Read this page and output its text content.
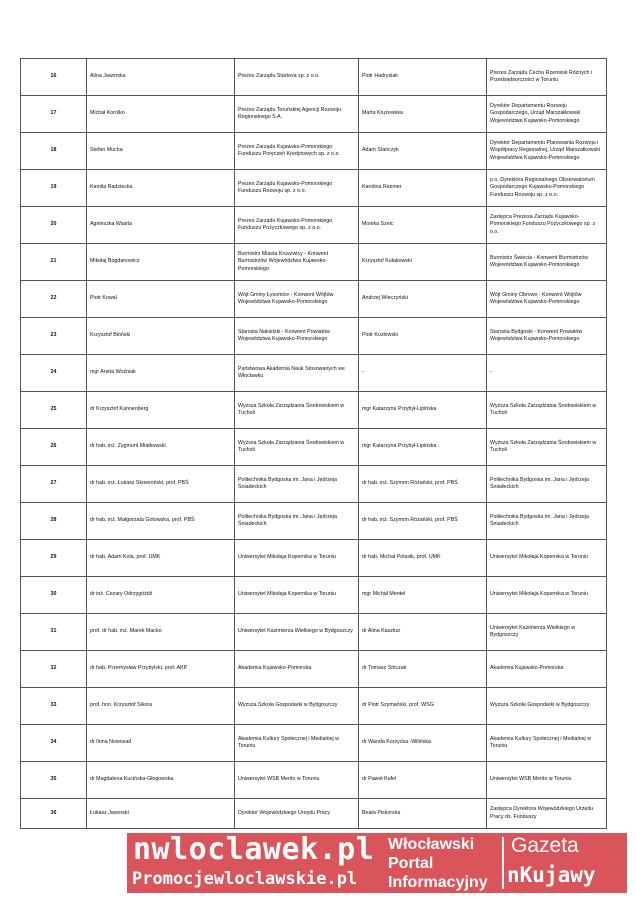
16	Alina Jaworska	Prezes Zarządu Startova sp. z o.o.	Piotr Hadrysiak	Prezes Zarządu Cechu Rzemiosł Różnych i Przedsiębiorczości w Toruniu
17	Michał Korolko	Prezes Zarządu Toruńskiej Agencji Rozwoju Regionalnego S.A.	Marta Krużewska	Dyrektor Departamentu Rozwoju Gospodarczego, Urząd Marszałkowski Województwa Kujawsko-Pomorskiego
18	Stefan Mucha	Prezes Zarządu Kujawsko-Pomorskiego Funduszu Poręczeń Kredytowych sp. z o.o.	Adam Stańczyk	Dyrektor Departamentu Planowania Rozwoju i Współpracy Regionalnej, Urząd Marszałkowski Województwa Kujawsko-Pomorskiego
19	Kamila Radziecka	Prezes Zarządu Kujawsko-Pomorskiego Funduszu Rozwoju sp. z o.o.	Karolina Rezmer	p.o. Dyrektora Regionalnego Obserwatorium Gospodarczego Kujawsko-Pomorskiego Funduszu Rozwoju sp. z o.o.
20	Agnieszka Wasita	Prezes Zarządu Kujawsko-Pomorskiego Funduszu Pożyczkowego sp. z o.o.	Monika Szelc	Zastępca Prezesa Zarządu Kujawsko-Pomorskiego Funduszu Pożyczkowego sp. z o.o.
21	Mikołaj Bogdanowicz	Burmistrz Miasta Kruszwicy - Konwent Burmistrzów Województwa Kujawsko-Pomorskiego	Krzysztof Kułakowski	Burmistrz Świecia - Konwent Burmistrzów Województwa Kujawsko-Pomorskiego
22	Piotr Kowal	Wójt Gminy Łysomice - Konwent Wójtów Województwa Kujawsko-Pomorskiego	Andrzej Wieczyński	Wójt Gminy Obrowo - Konwent Wójtów Województwa Kujawsko-Pomorskiego
23	Krzysztof Błoński	Starosta Nakielski - Konwent Powiatów Województwa Kujawsko-Pomorskiego	Piotr Kozłowski	Starosta Bydgoski - Konwent Powiatów Województwa Kujawsko-Pomorskiego
24	mgr Aneta Woźniak	Państwowa Akademia Nauk Stosowanych we Włocławku	-	-
25	dr Krzysztof Kannenberg	Wyższa Szkoła Zarządzania Środowiskiem w Tucholi	mgr Katarzyna Przybył-Lipińska	Wyższa Szkoła Zarządzania Środowiskiem w Tucholi
26	dr hab. inż. Zygmunt Miatkowski	Wyższa Szkoła Zarządzania Środowiskiem w Tucholi	mgr Katarzyna Przybył-Lipińska	Wyższa Szkoła Zarządzania Środowiskiem w Tucholi
27	dr hab. inż. Łukasz Skowroński, prof. PBŚ	Politechnika Bydgoska im. Jana i Jędrzeja Śniadeckich	dr hab. inż. Szymon Różański, prof. PBŚ	Politechnika Bydgoska im. Jana i Jędrzeja Śniadeckich
28	dr hab. inż. Małgorzata Gotowska, prof. PBŚ	Politechnika Bydgoska im. Jana i Jędrzeja Śniadeckich	dr hab. inż. Szymon Różański, prof. PBŚ	Politechnika Bydgoska im. Jana i Jędrzeja Śniadeckich
29	dr hab. Adam Kola, prof. UMK	Uniwersytet Mikołaja Kopernika w Toruniu	dr hab. Michał Polasik, prof. UMK	Uniwersytet Mikołaja Kopernika w Toruniu
30	dr inż. Cezary Odrzygóźdź	Uniwersytet Mikołaja Kopernika w Toruniu	mgr Michał Mentel	Uniwersytet Mikołaja Kopernika w Toruniu
31	prof. dr hab. inż. Marek Macko	Uniwersytet Kazimierza Wielkiego w Bydgoszczy	dr Alina Kaszkur	Uniwersytet Kazimierza Wielkiego w Bydgoszczy
32	dr hab. Przemysław Przybylski, prof. AKP	Akademia Kujawsko-Pomorska	dr Tomasz Sińczak	Akademia Kujawsko-Pomorska
33	prof. hon. Krzysztof Sikora	Wyższa Szkoła Gospodarki w Bydgoszczy	dr Piotr Szymański, prof. WSG	Wyższa Szkoła Gospodarki w Bydgoszczy
34	dr Ilona Nowosad	Akademia Kultury Społecznej i Medialnej w Toruniu	dr Wanda Korzycka -Wilińska	Akademia Kultury Społecznej i Medialnej w Toruniu
35	dr Magdalena Kucińska-Głogowska	Uniwersytet WSB Merito w Toruniu	dr Paweł Kufel	Uniwersytet WSB Merito w Toruniu
36	Łukasz Jaworski	Dyrektor Wojewódzkiego Urzędu Pracy	Beata Piskorska	Zastępca Dyrektora Wojewódzkiego Urzędu Pracy ds. Funduszy
nwloclawek.pl
Promocjewloclawskie.pl
Włocławski
Portal
Informacyjny
Gazeta
nKujawy
